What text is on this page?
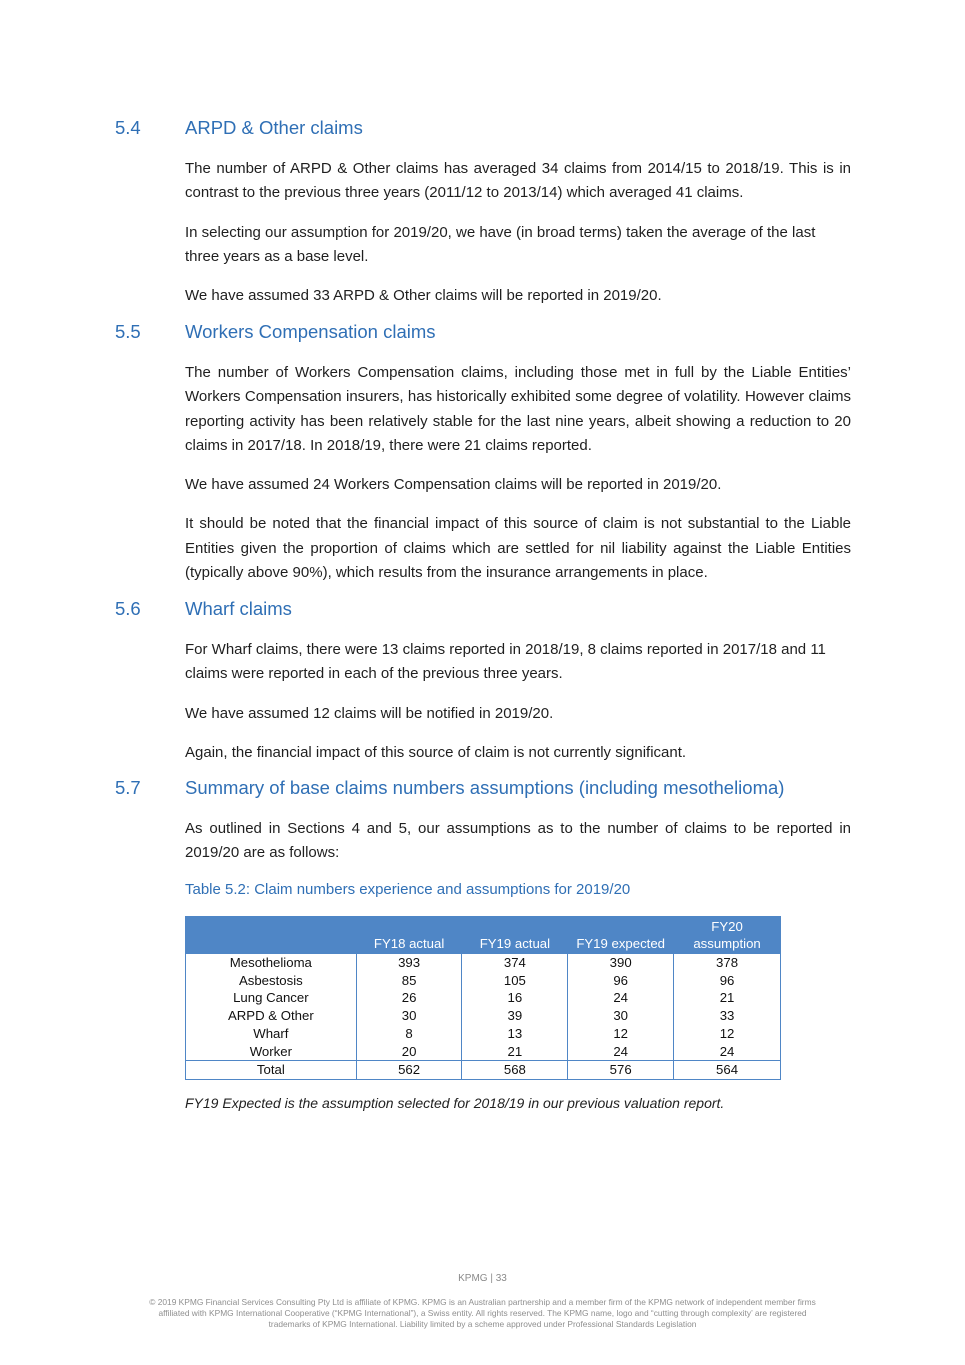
5.4 ARPD & Other claims

The number of ARPD & Other claims has averaged 34 claims from 2014/15 to 2018/19. This is in contrast to the previous three years (2011/12 to 2013/14) which averaged 41 claims.

In selecting our assumption for 2019/20, we have (in broad terms) taken the average of the last three years as a base level.

We have assumed 33 ARPD & Other claims will be reported in 2019/20.

5.5 Workers Compensation claims

The number of Workers Compensation claims, including those met in full by the Liable Entities’ Workers Compensation insurers, has historically exhibited some degree of volatility. However claims reporting activity has been relatively stable for the last nine years, albeit showing a reduction to 20 claims in 2017/18. In 2018/19, there were 21 claims reported.

We have assumed 24 Workers Compensation claims will be reported in 2019/20.

It should be noted that the financial impact of this source of claim is not substantial to the Liable Entities given the proportion of claims which are settled for nil liability against the Liable Entities (typically above 90%), which results from the insurance arrangements in place.

5.6 Wharf claims

For Wharf claims, there were 13 claims reported in 2018/19, 8 claims reported in 2017/18 and 11 claims were reported in each of the previous three years.

We have assumed 12 claims will be notified in 2019/20.

Again, the financial impact of this source of claim is not currently significant.

5.7 Summary of base claims numbers assumptions (including mesothelioma)

As outlined in Sections 4 and 5, our assumptions as to the number of claims to be reported in 2019/20 are as follows:

Table 5.2: Claim numbers experience and assumptions for 2019/20
	FY18 actual	FY19 actual	FY19 expected	FY20
assumption
Mesothelioma	393	374	390	378
Asbestosis	85	105	96	96
Lung Cancer	26	16	24	21
ARPD & Other	30	39	30	33
Wharf	8	13	12	12
Worker	20	21	24	24
Total	562	568	576	564
FY19 Expected is the assumption selected for 2018/19 in our previous valuation report.
KPMG | 33
© 2019 KPMG Financial Services Consulting Pty Ltd is affiliate of KPMG. KPMG is an Australian partnership and a member firm of the KPMG network of independent member firms
affiliated with KPMG International Cooperative (“KPMG International”), a Swiss entity. All rights reserved. The KPMG name, logo and “cutting through complexity’ are registered
trademarks of KPMG International. Liability limited by a scheme approved under Professional Standards Legislation
